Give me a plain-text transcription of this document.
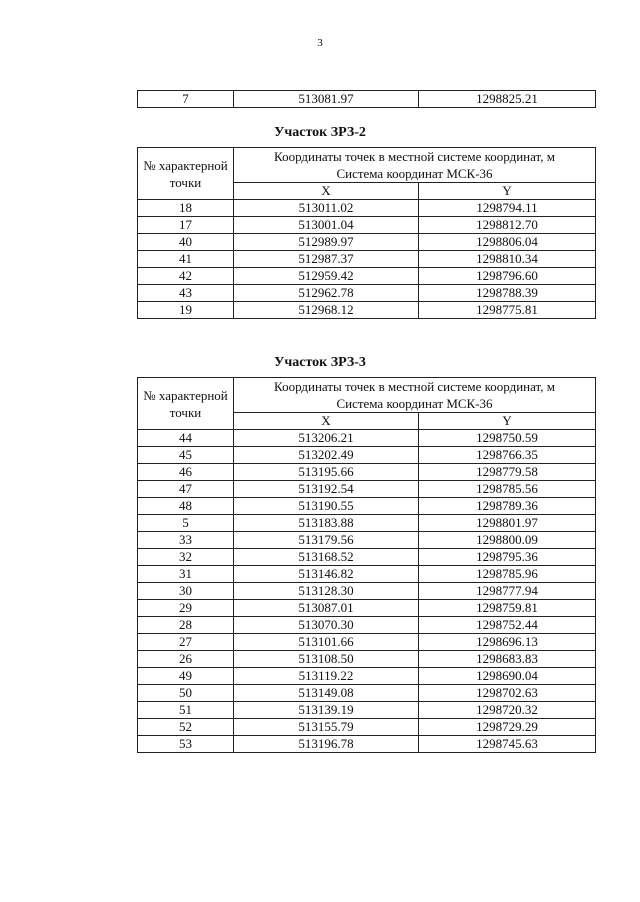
3
7	513081.97	1298825.21
Участок ЗРЗ-2
№ характерной точки	Координаты точек в местной системе координат, м
Система координат МСК-36	
	X	Y
18	513011.02	1298794.11
17	513001.04	1298812.70
40	512989.97	1298806.04
41	512987.37	1298810.34
42	512959.42	1298796.60
43	512962.78	1298788.39
19	512968.12	1298775.81
Участок ЗРЗ-3
№ характерной точки	Координаты точек в местной системе координат, м
Система координат МСК-36	
	X	Y
44	513206.21	1298750.59
45	513202.49	1298766.35
46	513195.66	1298779.58
47	513192.54	1298785.56
48	513190.55	1298789.36
5	513183.88	1298801.97
33	513179.56	1298800.09
32	513168.52	1298795.36
31	513146.82	1298785.96
30	513128.30	1298777.94
29	513087.01	1298759.81
28	513070.30	1298752.44
27	513101.66	1298696.13
26	513108.50	1298683.83
49	513119.22	1298690.04
50	513149.08	1298702.63
51	513139.19	1298720.32
52	513155.79	1298729.29
53	513196.78	1298745.63
